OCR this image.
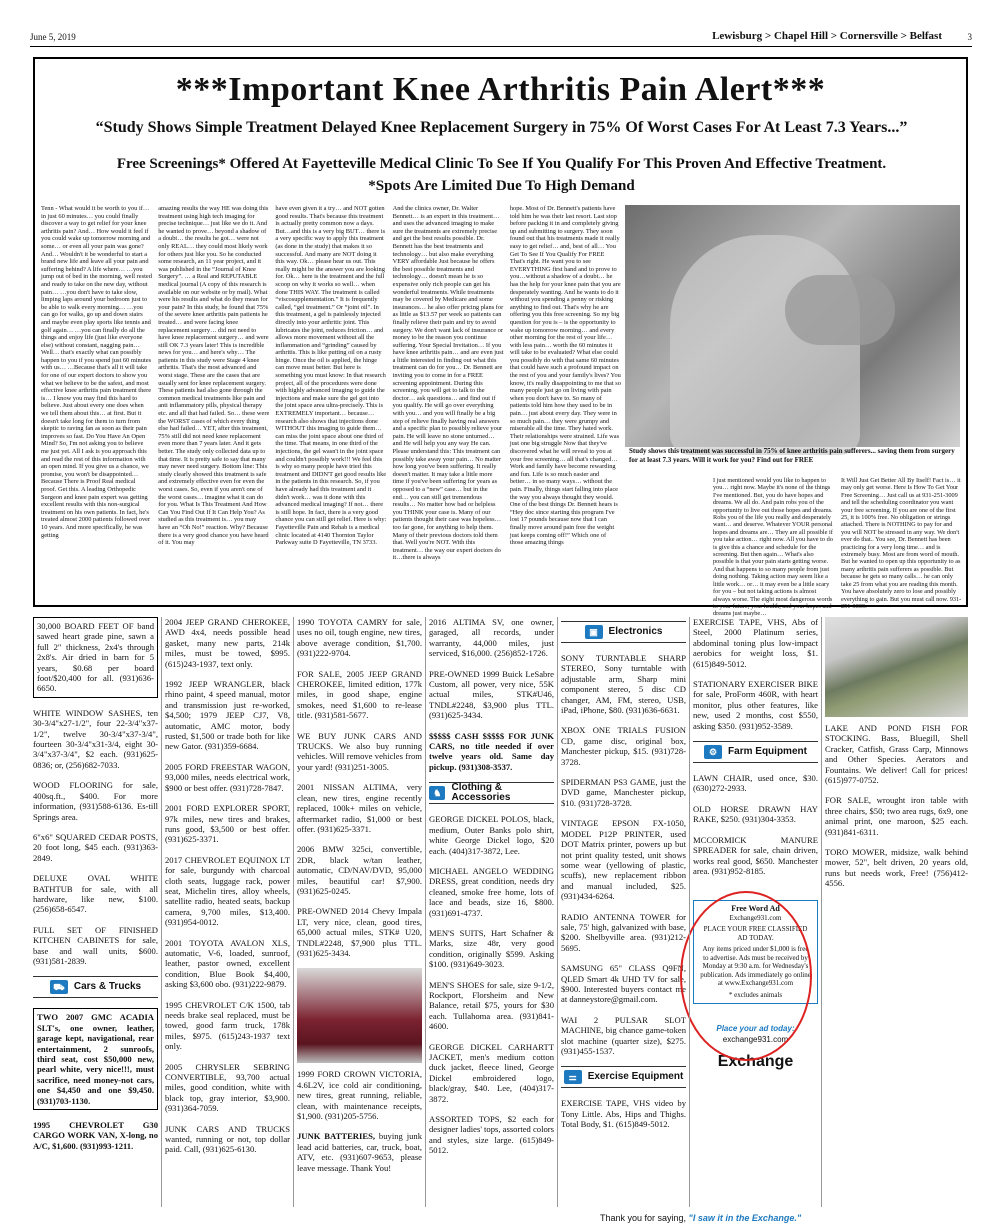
June 5, 2019	Lewisburg > Chapel Hill > Cornersville > Belfast	3
***Important Knee Arthritis Pain Alert***
“Study Shows Simple Treatment Delayed Knee Replacement Surgery in 75% Of Worst Cases For At Least 7.3 Years...”
Free Screenings* Offered At Fayetteville Medical Clinic To See If You Qualify For This Proven And Effective Treatment. *Spots Are Limited Due To High Demand
Tenn - What would it be worth to you if… in just 60 minutes… you could finally discover a way to get relief for your knee arthritis pain? And… How would it feel if you could wake up tomorrow morning and some… or even all your pain was gone? And… Wouldn't it be wonderful to start a brand new life and leave all your pain and suffering behind? A life where… …you jump out of bed in the morning, well rested and ready to take on the new day, without pain… …you don't have to take slow, limping laps around your bedroom just to be able to walk every morning… …you can go for walks, go up and down stairs and maybe even play sports like tennis and golf again… …you can finally do all the things and enjoy life (just like everyone else) without constant, nagging pain… Well… that's exactly what can possibly happen to you if you spend just 60 minutes with us… …Because that's all it will take for one of our expert doctors to show you what we believe to be the safest, and most effective knee arthritis pain treatment there is… I know you may find this hard to believe. Just about every one does when we tell them about this… at first. But it doesn't take long for them to turn from skeptic to raving fan as soon as their pain improves so fast. Do You Have An Open Mind? So, I'm not asking you to believe me just yet. All I ask is you approach this and read the rest of this information with an open mind. If you give us a chance, we promise, you won't be disappointed… Because There is Proof Real medical proof. Get this. A leading Orthopedic Surgeon and knee pain expert was getting excellent results with this non-surgical treatment on his own patients. In fact, he's treated almost 2000 patients followed over 10 years. And more specifically, he was getting
amazing results the way HE was doing this treatment using high tech imaging for precise technique… just like we do it. And he wanted to prove… beyond a shadow of a doubt… the results he got… were not only REAL… they could most likely work for others just like you. So he conducted some research, an 11 year project, and it was published in the “Journal of Knee Surgery”. … a Real and REPUTABLE medical journal (A copy of this research is available on our website or by mail). What were his results and what do they mean for your pain? In this study, he found that 75% of the severe knee arthritis pain patients he treated… and were facing knee replacement surgery… did not need to have knee replacement surgery… and were still OK 7.3 years later! This is incredible news for you… and here's why… The patients in this study were Stage 4 knee arthritis. That's the most advanced and worst stage. These are the cases that are usually sent for knee replacement surgery. These patients had also gone through the common medical treatments like pain and anti inflammatory pills, physical therapy etc. and all that had failed. So… these were the WORST cases of which every thing else had failed… YET, after this treatment, 75% still did not need knee replacement even more than 7 years later. And it gets better. The study only collected data up to that time. It is pretty safe to say that many may never need surgery. Bottom line: This study clearly showed this treatment is safe and extremely effective even for even the worst cases. So, even if you aren't one of the worst cases… imagine what it can do for you. What Is This Treatment And How Can You Find Out If It Can Help You? As studied as this treatment is… you may have an “Oh No!” reaction. Why? Because there is a very good chance you have heard of it. You may
have even given it a try… and NOT gotten good results. That's because this treatment is actually pretty common now a days. But…and this is a very big BUT… there is a very specific way to apply this treatment (as done in the study) that makes it so successful. And many are NOT doing it this way. Ok… please hear us out. This really might be the answer you are looking for. Ok… here is the treatment and the full scoop on why it works so well… when done THIS WAY. The treatment is called “viscosupplementation.” It is frequently called, “gel treatment.” Or “joint oil”. In this treatment, a gel is painlessly injected directly into your arthritic joint. This lubricates the joint, reduces friction… and allows more movement without all the inflammation and “grinding” caused by arthritis. This is like putting oil on a rusty hinge. Once the oil is applied, the hinge can move must better. But here is something you must know: In that research project, all of the procedures were done with highly advanced imaging to guide the injections and make sure the gel got into the joint space area ultra-precisely. This is EXTREMELY important… because… research also shows that injections done WITHOUT this imaging to guide them… can miss the joint space about one third of the time. That means, in one third of the injections, the gel wasn't in the joint space and couldn't possibly work!!! We feel this is why so many people have tried this treatment and DIDN'T get good results like in the patients in this research. So, if you have already had this treatment and it didn't work… was it done with this advanced medical imaging? If not… there is still hope. In fact, there is a very good chance you can still get relief. Here is why: Fayetteville Pain and Rehab is a medical clinic located at 4140 Thornton Taylor Parkway suite D Fayetteville, TN 3733.
And the clinics owner, Dr. Walter Bennett… is an expert in this treatment… and uses the advanced imaging to make sure the treatments are extremely precise and get the best results possible. Dr. Bennett has the best treatments and technology… but also make everything VERY affordable Just because he offers the best possible treatments and technology… doesn't mean he is so expensive only rich people can get his wonderful treatments. While treatments may be covered by Medicare and some insurances… he also offer pricing plans for as little as $13.57 per week so patients can finally relieve their pain and try to avoid surgery. We don't want lack of insurance or money to be the reason you continue suffering. Your Special Invitation… If you have knee arthritis pain… and are even just a little interested in finding out what this treatment can do for you… Dr. Bennett are inviting you to come in for a FREE screening appointment. During this screening, you will get to talk to the doctor… ask questions… and find out if you qualify. He will go over everything with you… and you will finally be a big step of relieve finally having real answers and a specific plan to possibly relieve your pain. He will leave no stone unturned… and He will help you any way He can. Please understand this: This treatment can possibly take away your pain… No matter how long you've been suffering. It really doesn't matter. It may take a little more time if you've been suffering for years as opposed to a “new” case… but in the end… you can still get tremendous results… No matter how bad or helpless you THINK your case is. Many of our patients thought their case was hopeless… too far gone, for anything to help them. Many of their previous doctors told them that. Well you're NOT. With this treatment… the way our expert doctors do it…there is always
hope. Most of Dr. Bennett's patients have told him he was their last resort. Last stop before packing it in and completely giving up and submitting to surgery. They soon found out that his treatments made it really easy to get relief… and, best of all… You Get To See If You Qualify For FREE That's right. He want you to see EVERYTHING first hand and to prove to you…without a shadow of a doubt… he has the help for your knee pain that you are desperately wanting. And he wants to do it without you spending a penny or risking anything to find out. That's why he are offering you this free screening. So my big question for you is – is the opportunity to wake up tomorrow morning… and every other morning for the rest of your life… with less pain… worth the 60 minutes it will take to be evaluated? What else could you possibly do with that same 60 minutes that could have such a profound impact on the rest of you and your family's lives? You know, it's really disappointing to me that so many people just go on living with pain when you don't have to. So many of patients told him how they used to be in pain… just about every day. They were in so much pain… they were grumpy and miserable all the time. They hated work. Their relationships were strained. Life was just one big struggle Now that they've discovered what he will reveal to you at your free screening… all that's changed… Work and family have become rewarding and fun. Life is so much easier and better… in so many ways… without the pain. Finally, things start falling into place the way you always thought they would. One of the best things Dr. Bennett hears is “Hey doc since starting this program I've lost 17 pounds because now that I can finally move around pain free the weight just keeps coming off!” Which one of those amazing things
Study shows this treatment was successful in 75% of knee arthritis pain sufferers... saving them from surgery for at least 7.3 years. Will it work for you? Find out for FREE
I just mentioned would you like to happen to you… right now. Maybe it's none of the things I've mentioned. But, you do have hopes and dreams. We all do. And pain robs you of the opportunity to live out those hopes and dreams. Robs you of the life you really and desperately want… and deserve. Whatever YOUR personal hopes and dreams are… They are all possible if you take action… right now. All you have to do is give this a chance and schedule for the screening. But then again… What's also possible is that your pain starts getting worse. And that happens to so many people from just doing nothing. Taking action may seem like a little work… or… it may even be a little scary for you – but not taking actions is almost always worse. The eight most dangerous words to your future, your health, and your hopes and dreams just maybe…
It Will Just Get Better All By Itself! Fact is… it may only get worse. Here Is How To Get Your Free Screening… Just call us at 931-251-3009 and tell the scheduling coordinator you want your free screening. If you are one of the first 25, it is 100% free. No obligation or strings attached. There is NOTHING to pay for and you will NOT be stressed in any way. We don't ever do that.. You see, Dr. Bennett has been practicing for a very long time… and is extremely busy. Most are from word of mouth. But he wanted to open up this opportunity to as many arthritis pain sufferers as possible. But because he gets so many calls… he can only take 25 from what you are reading this month. You have absolutely zero to lose and possibly everything to gain. But you must call now. 931-251-3009.

30,000 BOARD FEET OF band sawed heart grade pine, sawn a full 2" thickness, 2x4's through 2x8's. Air dried in barn for 5 years, $0.68 per board foot/$20,400 for all. (931)636-6650.

WHITE WINDOW SASHES, ten 30-3/4"x27-1/2", four 22-3/4"x37-1/2", twelve 30-3/4"x37-3/4", fourteen 30-3/4"x31-3/4, eight 30-3/4"x37-3/4", $2 each. (931)625-0836; or, (256)682-7033.

WOOD FLOORING for sale, 400sq.ft., $400. For more information, (931)588-6136. Es-till Springs area.

6"x6" SQUARED CEDAR POSTS, 20 foot long, $45 each. (931)363-2849.

DELUXE OVAL WHITE BATHTUB for sale, with all hardware, like new, $100. (256)658-6547.

FULL SET OF FINISHED KITCHEN CABINETS for sale, base and wall units, $600. (931)581-2839.

⛟ Cars & Trucks

TWO 2007 GMC ACADIA SLT's, one owner, leather, garage kept, navigational, rear entertainment, 2 sunroofs, third seat, cost $50,000 new, pearl white, very nice!!!, must sacrifice, need money-not cars, one $4,450 and one $9,450. (931)703-1130.

1995 CHEVROLET G30 CARGO WORK VAN, X-long, no A/C, $1,600. (931)993-1211.

2004 JEEP GRAND CHEROKEE, AWD 4x4, needs possible head gasket, many new parts, 214k miles, must be towed, $995. (615)243-1937, text only.

1992 JEEP WRANGLER, black rhino paint, 4 speed manual, motor and transmission just re-worked, $4,500; 1979 JEEP CJ7, V8, automatic, AMC motor, body rusted, $1,500 or trade both for like new Gator. (931)359-6684.

2005 FORD FREESTAR WAGON, 93,000 miles, needs electrical work, $900 or best offer. (931)728-7847.

2001 FORD EXPLORER SPORT, 97k miles, new tires and brakes, runs good, $3,500 or best offer. (931)625-3371.

2017 CHEVROLET EQUINOX LT for sale, burgundy with charcoal cloth seats, luggage rack, power seat, Michelin tires, alloy wheels, satellite radio, heated seats, backup camera, 9,700 miles, $13,400. (931)954-0012.

2001 TOYOTA AVALON XLS, automatic, V-6, loaded, sunroof, leather, pastor owned, excellent condition, Blue Book $4,400, asking $3,600 obo. (931)222-9879.

1995 CHEVROLET C/K 1500, tab needs brake seal replaced, must be towed, good farm truck, 178k miles, $975. (615)243-1937 text only.

2005 CHRYSLER SEBRING CONVERTIBLE, 93,700 actual miles, good condition, white with black top, gray interior, $3,900. (931)364-7059.

JUNK CARS AND TRUCKS wanted, running or not, top dollar paid. Call, (931)625-6130.

1990 TOYOTA CAMRY for sale, uses no oil, tough engine, new tires, above average condition, $1,700. (931)222-9704.

FOR SALE, 2005 JEEP GRAND CHEROKEE, limited edition, 177k miles, in good shape, engine smokes, need $1,600 to re-lease title. (931)581-5677.

WE BUY JUNK CARS AND TRUCKS. We also buy running vehicles. Will remove vehicles from your yard! (931)251-3005.

2001 NISSAN ALTIMA, very clean, new tires, engine recently replaced, 100k+ miles on vehicle, aftermarket radio, $1,000 or best offer. (931)625-3371.

2006 BMW 325ci, convertible, 2DR, black w/tan leather, automatic, CD/NAV/DVD, 95,000 miles, beautiful car! $7,900. (931)625-0245.

PRE-OWNED 2014 Chevy Impala LT, very nice, clean, good tires, 65,000 actual miles, STK# U20, TNDL#2248, $7,900 plus TTL. (931)625-3434.

1999 FORD CROWN VICTORIA, 4.6L2V, ice cold air conditioning, new tires, great running, reliable, clean, with maintenance receipts, $1,900. (931)205-5756.

JUNK BATTERIES, buying junk lead acid batteries, car, truck, boat, ATV, etc. (931)607-9653, please leave message. Thank You!

2016 ALTIMA SV, one owner, garaged, all records, under warranty, 44,000 miles, just serviced, $16,000. (256)852-1726.

PRE-OWNED 1999 Buick LeSabre Custom, all power, very nice, 55K actual miles, STK#U46, TNDL#2248, $3,900 plus TTL. (931)625-3434.

$$$$$ CASH $$$$$ FOR JUNK CARS, no title needed if over twelve years old. Same day pickup. (931)308-3537.

♞
Clothing & Accessories

GEORGE DICKEL POLOS, black, medium, Outer Banks polo shirt, white George Dickel logo, $20 each. (404)317-3872, Lee.

MICHAEL ANGELO WEDDING DRESS, great condition, needs dry cleaned, smoke free home, lots of lace and beads, size 16, $800. (931)691-4737.

MEN'S SUITS, Hart Schafner & Marks, size 48r, very good condition, originally $599. Asking $100. (931)649-3023.

MEN'S SHOES for sale, size 9-1/2, Rockport, Florsheim and New Balance, retail $75, yours for $30 each. Tullahoma area. (931)841-4600.

GEORGE DICKEL CARHARTT JACKET, men's medium cotton duck jacket, fleece lined, George Dickel embroidered logo, black/gray, $40. Lee, (404)317-3872.

ASSORTED TOPS, $2 each for designer ladies' tops, assorted colors and styles, size large. (615)849-5012.

▣	Electronics

SONY TURNTABLE SHARP STEREO, Sony turntable with adjustable arm, Sharp mini component stereo, 5 disc CD changer, AM, FM, stereo, USB, iPad, iPhone, $80. (931)636-6631.

XBOX ONE TRIALS FUSION CD, game disc, original box, Manchester pickup, $15. (931)728-3728.

SPIDERMAN PS3 GAME, just the DVD game, Manchester pickup, $10. (931)728-3728.

VINTAGE EPSON FX-1050, MODEL P12P PRINTER, used DOT Matrix printer, powers up but not print quality tested, unit shows some wear (yellowing of plastic, scuffs), new replacement ribbon and manual included, $25. (931)434-6264.

RADIO ANTENNA TOWER for sale, 75' high, galvanized with base, $200. Shelbyville area. (931)212-5695.

SAMSUNG 65" CLASS Q9FN, QLED Smart 4k UHD TV for sale, $900. Interested buyers contact me at danneystore@gmail.com.

WAI 2 PULSAR SLOT MACHINE, big chance game-token slot machine (quarter size), $275. (931)455-1537.

⚌	Exercise Equipment

EXERCISE TAPE, VHS video by Tony Little. Abs, Hips and Thighs. Total Body, $1. (615)849-5012.

EXERCISE TAPE, VHS, Abs of Steel, 2000 Platinum series, abdominal toning plus low-impact aerobics for weight loss, $1. (615)849-5012.

STATIONARY EXERCISER BIKE for sale, ProForm 460R, with heart monitor, plus other features, like new, used 2 months, cost $550, asking $350. (931)952-3589.

⚙	Farm Equipment

LAWN CHAIR, used once, $30. (630)272-2933.

OLD HORSE DRAWN HAY RAKE, $250. (931)304-3353.

MCCORMICK MANURE SPREADER for sale, chain driven, works real good, $650. Manchester area. (931)952-8185.

Free Word Ad
Exchange931.com
PLACE YOUR FREE CLASSIFIED AD TODAY.
Any items priced under $1,000 is free to advertise. Ads must be received by Monday at 9:30 a.m. for Wednesday's publication. Ads immediately go online at www.Exchange931.com
* excludes animals
Place your ad today:
exchange931.com
Exchange

LAKE AND POND FISH FOR STOCKING. Bass, Bluegill, Shell Cracker, Catfish, Grass Carp, Minnows and Other Species. Aerators and Fountains. We deliver! Call for prices! (615)977-0752.

FOR SALE, wrought iron table with three chairs, $50; two area rugs, 6x9, one animal print, one maroon, $25 each. (931)841-6311.

TORO MOWER, midsize, walk behind mower, 52", belt driven, 20 years old, runs but needs work, Free! (756)412-4556.

Thank you for saying, "I saw it in the Exchange."
